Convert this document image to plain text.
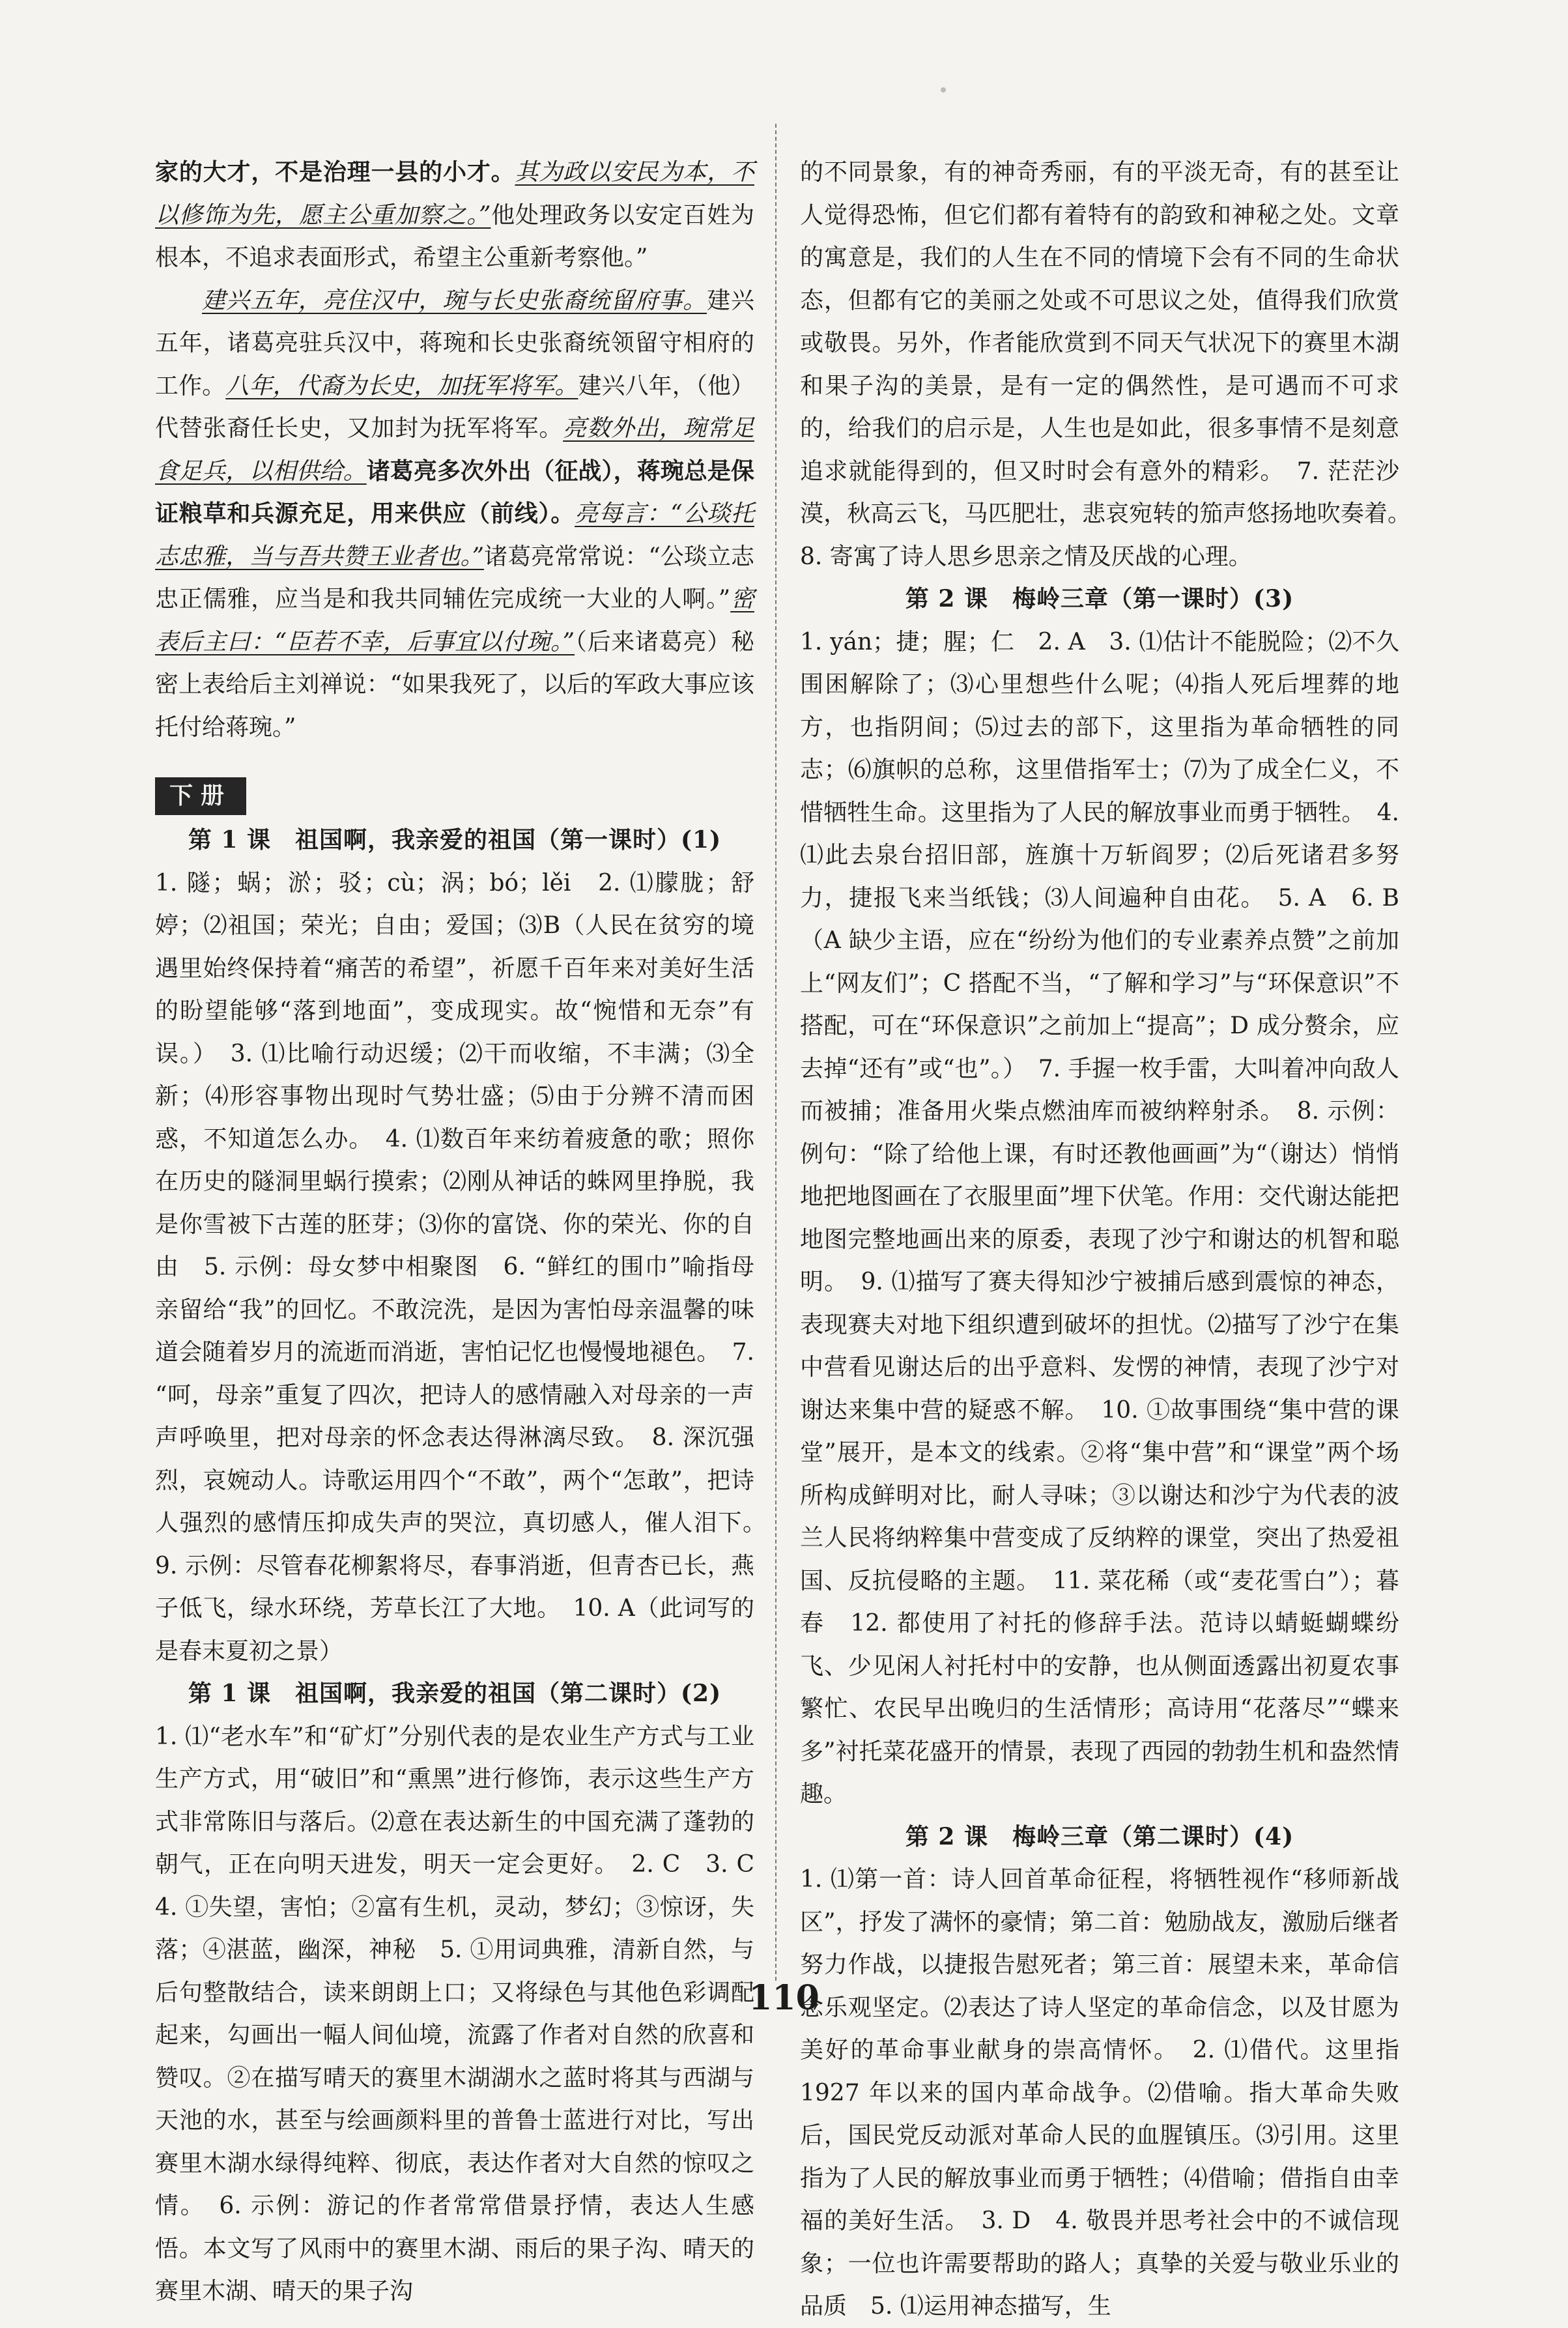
家的大才，不是治理一县的小才。其为政以安民为本，不以修饰为先，愿主公重加察之。”他处理政务以安定百姓为根本，不追求表面形式，希望主公重新考察他。”

建兴五年，亮住汉中，琬与长史张裔统留府事。建兴五年，诸葛亮驻兵汉中，蒋琬和长史张裔统领留守相府的工作。八年，代裔为长史，加抚军将军。建兴八年，（他）代替张裔任长史，又加封为抚军将军。亮数外出，琬常足食足兵，以相供给。诸葛亮多次外出（征战），蒋琬总是保证粮草和兵源充足，用来供应（前线）。亮每言：“公琰托志忠雅，当与吾共赞王业者也。”诸葛亮常常说：“公琰立志忠正儒雅，应当是和我共同辅佐完成统一大业的人啊。”密表后主曰：“臣若不幸，后事宜以付琬。”（后来诸葛亮）秘密上表给后主刘禅说：“如果我死了，以后的军政大事应该托付给蒋琬。”

下册

第 1 课　祖国啊，我亲爱的祖国（第一课时）(1)

1. 隧；蜗；淤；驳；cù；涡；bó；lěi　2. ⑴朦胧；舒婷；⑵祖国；荣光；自由；爱国；⑶B（人民在贫穷的境遇里始终保持着“痛苦的希望”，祈愿千百年来对美好生活的盼望能够“落到地面”，变成现实。故“惋惜和无奈”有误。）　3. ⑴比喻行动迟缓；⑵干而收缩，不丰满；⑶全新；⑷形容事物出现时气势壮盛；⑸由于分辨不清而困惑，不知道怎么办。　4. ⑴数百年来纺着疲惫的歌；照你在历史的隧洞里蜗行摸索；⑵刚从神话的蛛网里挣脱，我是你雪被下古莲的胚芽；⑶你的富饶、你的荣光、你的自由　5. 示例：母女梦中相聚图　6. “鲜红的围巾”喻指母亲留给“我”的回忆。不敢浣洗，是因为害怕母亲温馨的味道会随着岁月的流逝而消逝，害怕记忆也慢慢地褪色。　7. “呵，母亲”重复了四次，把诗人的感情融入对母亲的一声声呼唤里，把对母亲的怀念表达得淋漓尽致。　8. 深沉强烈，哀婉动人。诗歌运用四个“不敢”，两个“怎敢”，把诗人强烈的感情压抑成失声的哭泣，真切感人，催人泪下。　9. 示例：尽管春花柳絮将尽，春事消逝，但青杏已长，燕子低飞，绿水环绕，芳草长江了大地。　10. A（此词写的是春末夏初之景）

第 1 课　祖国啊，我亲爱的祖国（第二课时）(2)

1. ⑴“老水车”和“矿灯”分别代表的是农业生产方式与工业生产方式，用“破旧”和“熏黑”进行修饰，表示这些生产方式非常陈旧与落后。⑵意在表达新生的中国充满了蓬勃的朝气，正在向明天进发，明天一定会更好。　2. C　3. C　4. ①失望，害怕；②富有生机，灵动，梦幻；③惊讶，失落；④湛蓝，幽深，神秘　5. ①用词典雅，清新自然，与后句整散结合，读来朗朗上口；又将绿色与其他色彩调配起来，勾画出一幅人间仙境，流露了作者对自然的欣喜和赞叹。②在描写晴天的赛里木湖湖水之蓝时将其与西湖与天池的水，甚至与绘画颜料里的普鲁士蓝进行对比，写出赛里木湖水绿得纯粹、彻底，表达作者对大自然的惊叹之情。　6. 示例：游记的作者常常借景抒情，表达人生感悟。本文写了风雨中的赛里木湖、雨后的果子沟、晴天的赛里木湖、晴天的果子沟

的不同景象，有的神奇秀丽，有的平淡无奇，有的甚至让人觉得恐怖，但它们都有着特有的韵致和神秘之处。文章的寓意是，我们的人生在不同的情境下会有不同的生命状态，但都有它的美丽之处或不可思议之处，值得我们欣赏或敬畏。另外，作者能欣赏到不同天气状况下的赛里木湖和果子沟的美景，是有一定的偶然性，是可遇而不可求的，给我们的启示是，人生也是如此，很多事情不是刻意追求就能得到的，但又时时会有意外的精彩。　7. 茫茫沙漠，秋高云飞，马匹肥壮，悲哀宛转的笳声悠扬地吹奏着。　8. 寄寓了诗人思乡思亲之情及厌战的心理。

第 2 课　梅岭三章（第一课时）(3)

1. yán；捷；腥；仁　2. A　3. ⑴估计不能脱险；⑵不久围困解除了；⑶心里想些什么呢；⑷指人死后埋葬的地方，也指阴间；⑸过去的部下，这里指为革命牺牲的同志；⑹旗帜的总称，这里借指军士；⑺为了成全仁义，不惜牺牲生命。这里指为了人民的解放事业而勇于牺牲。　4. ⑴此去泉台招旧部，旌旗十万斩阎罗；⑵后死诸君多努力，捷报飞来当纸钱；⑶人间遍种自由花。　5. A　6. B（A 缺少主语，应在“纷纷为他们的专业素养点赞”之前加上“网友们”；C 搭配不当，“了解和学习”与“环保意识”不搭配，可在“环保意识”之前加上“提高”；D 成分赘余，应去掉“还有”或“也”。）　7. 手握一枚手雷，大叫着冲向敌人而被捕；准备用火柴点燃油库而被纳粹射杀。　8. 示例：例句：“除了给他上课，有时还教他画画”为“（谢达）悄悄地把地图画在了衣服里面”埋下伏笔。作用：交代谢达能把地图完整地画出来的原委，表现了沙宁和谢达的机智和聪明。　9. ⑴描写了赛夫得知沙宁被捕后感到震惊的神态，表现赛夫对地下组织遭到破坏的担忧。⑵描写了沙宁在集中营看见谢达后的出乎意料、发愣的神情，表现了沙宁对谢达来集中营的疑惑不解。　10. ①故事围绕“集中营的课堂”展开，是本文的线索。②将“集中营”和“课堂”两个场所构成鲜明对比，耐人寻味；③以谢达和沙宁为代表的波兰人民将纳粹集中营变成了反纳粹的课堂，突出了热爱祖国、反抗侵略的主题。　11. 菜花稀（或“麦花雪白”）；暮春　12. 都使用了衬托的修辞手法。范诗以蜻蜓蝴蝶纷飞、少见闲人衬托村中的安静，也从侧面透露出初夏农事繁忙、农民早出晚归的生活情形；高诗用“花落尽”“蝶来多”衬托菜花盛开的情景，表现了西园的勃勃生机和盎然情趣。

第 2 课　梅岭三章（第二课时）(4)

1. ⑴第一首：诗人回首革命征程，将牺牲视作“移师新战区”，抒发了满怀的豪情；第二首：勉励战友，激励后继者努力作战，以捷报告慰死者；第三首：展望未来，革命信念乐观坚定。⑵表达了诗人坚定的革命信念，以及甘愿为美好的革命事业献身的崇高情怀。　2. ⑴借代。这里指 1927 年以来的国内革命战争。⑵借喻。指大革命失败后，国民党反动派对革命人民的血腥镇压。⑶引用。这里指为了人民的解放事业而勇于牺牲；⑷借喻；借指自由幸福的美好生活。　3. D　4. 敬畏并思考社会中的不诚信现象；一位也许需要帮助的路人；真挚的关爱与敬业乐业的品质　5. ⑴运用神态描写，生

110
